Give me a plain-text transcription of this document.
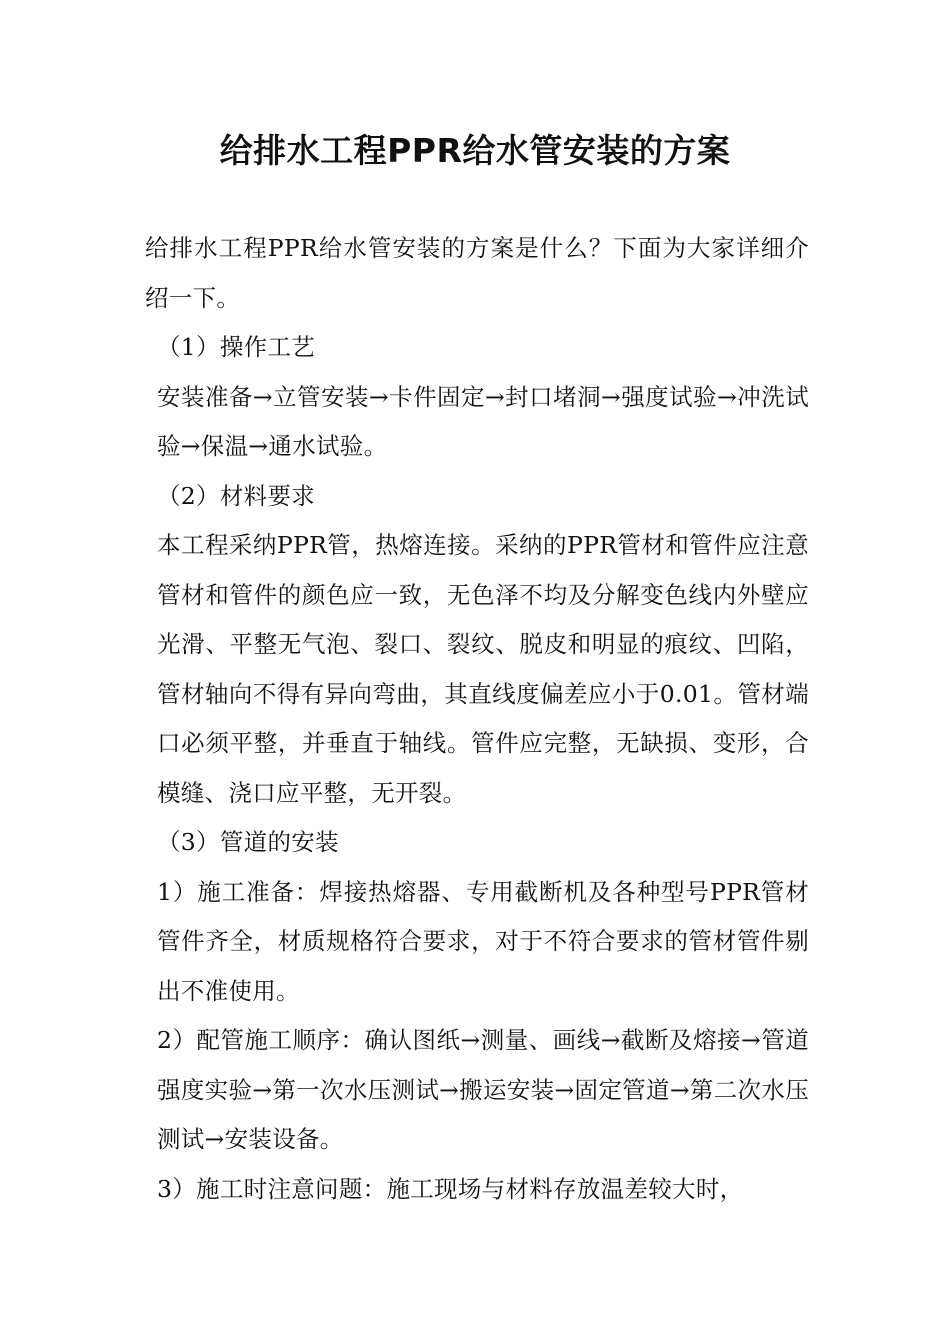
给排水工程PPR给水管安装的方案

给排水工程PPR给水管安装的方案是什么？下面为大家详细介绍一下。

（1）操作工艺

安装准备→立管安装→卡件固定→封口堵洞→强度试验→冲洗试验→保温→通水试验。

（2）材料要求

本工程采纳PPR管，热熔连接。采纳的PPR管材和管件应注意管材和管件的颜色应一致，无色泽不均及分解变色线内外壁应光滑、平整无气泡、裂口、裂纹、脱皮和明显的痕纹、凹陷，管材轴向不得有异向弯曲，其直线度偏差应小于0.01。管材端口必须平整，并垂直于轴线。管件应完整，无缺损、变形，合模缝、浇口应平整，无开裂。

（3）管道的安装

1）施工准备：焊接热熔器、专用截断机及各种型号PPR管材管件齐全，材质规格符合要求，对于不符合要求的管材管件剔出不准使用。

2）配管施工顺序：确认图纸→测量、画线→截断及熔接→管道强度实验→第一次水压测试→搬运安装→固定管道→第二次水压测试→安装设备。

3）施工时注意问题：施工现场与材料存放温差较大时，
